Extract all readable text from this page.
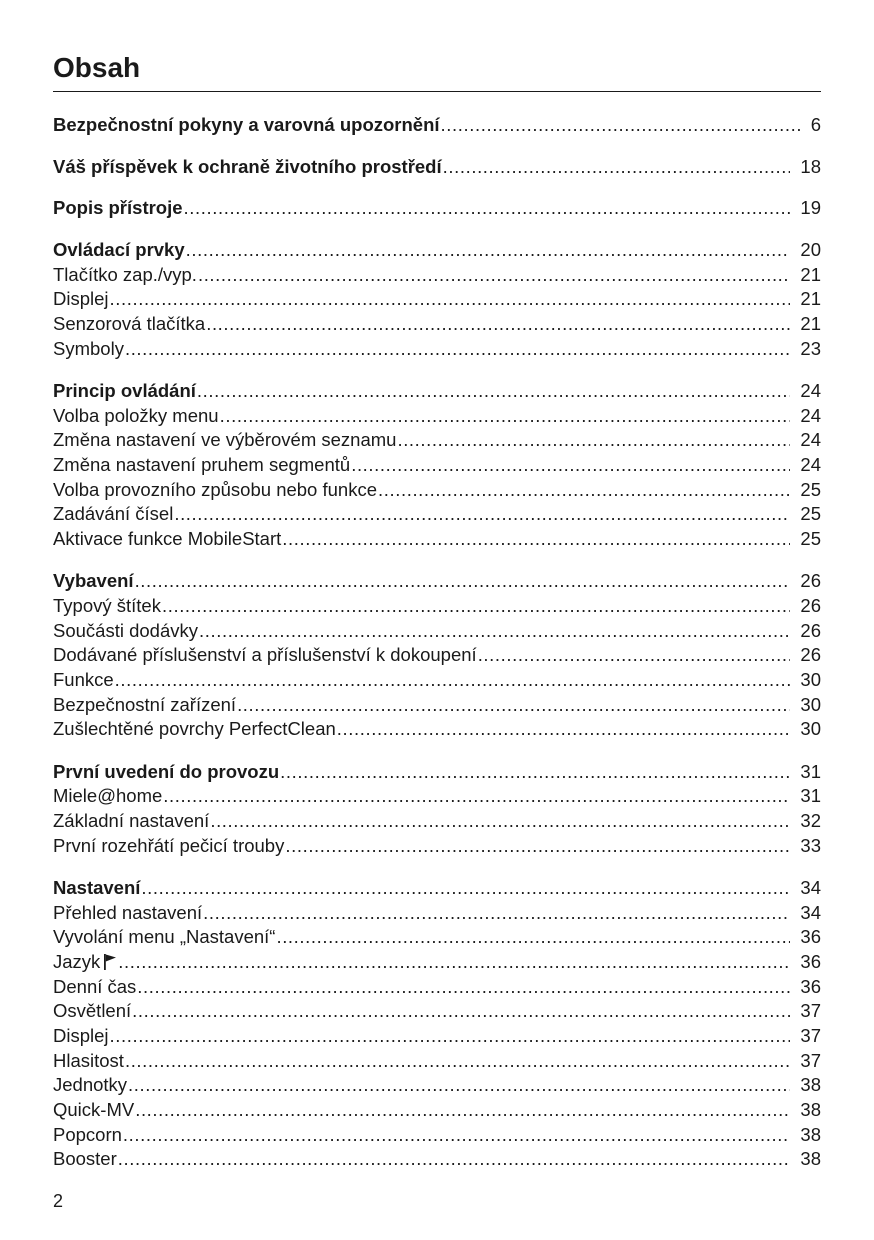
Obsah
Bezpečnostní pokyny a varovná upozornění .....	6
Váš příspěvek k ochraně životního prostředí .....	18
Popis přístroje .....	19
Ovládací prvky .....	20
Tlačítko zap./vyp. .....	21
Displej .....	21
Senzorová tlačítka .....	21
Symboly .....	23
Princip ovládání .....	24
Volba položky menu .....	24
Změna nastavení ve výběrovém seznamu .....	24
Změna nastavení pruhem segmentů .....	24
Volba provozního způsobu nebo funkce .....	25
Zadávání čísel .....	25
Aktivace funkce MobileStart .....	25
Vybavení .....	26
Typový štítek .....	26
Součásti dodávky .....	26
Dodávané příslušenství a příslušenství k dokoupení .....	26
Funkce .....	30
Bezpečnostní zařízení .....	30
Zušlechtěné povrchy PerfectClean .....	30
První uvedení do provozu .....	31
Miele@home .....	31
Základní nastavení .....	32
První rozehřátí pečicí trouby .....	33
Nastavení .....	34
Přehled nastavení .....	34
Vyvolání menu „Nastavení“ .....	36
Jazyk .....	36
Denní čas .....	36
Osvětlení .....	37
Displej .....	37
Hlasitost .....	37
Jednotky .....	38
Quick-MV .....	38
Popcorn .....	38
Booster .....	38
2
